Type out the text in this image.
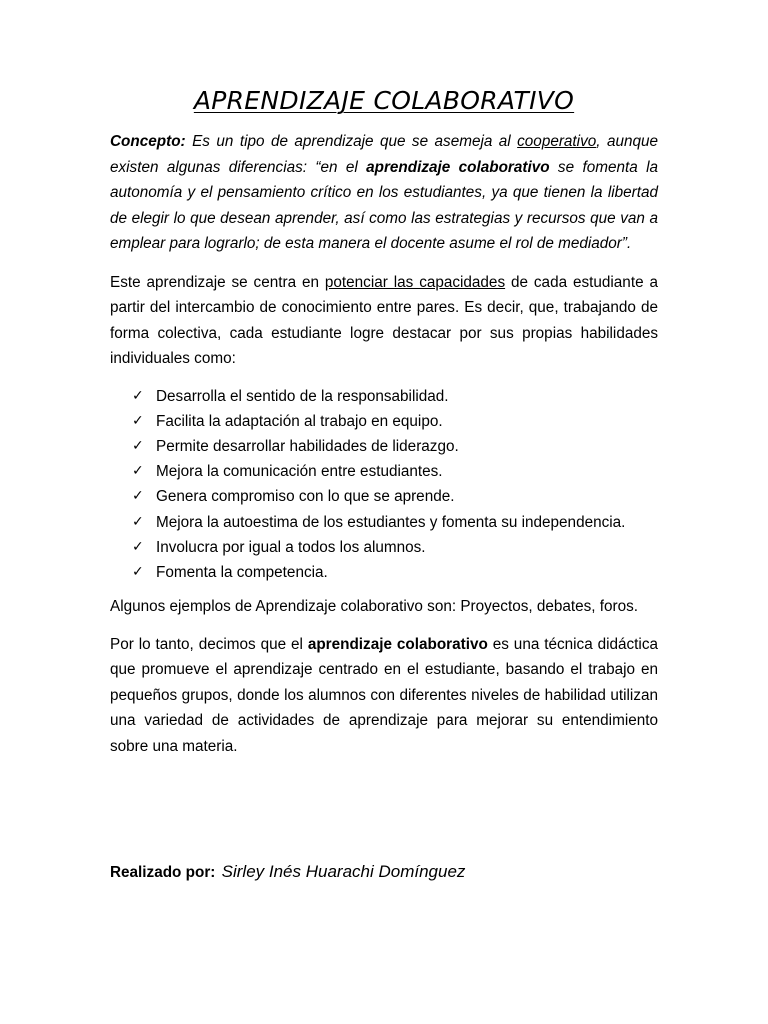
APRENDIZAJE COLABORATIVO

Concepto: Es un tipo de aprendizaje que se asemeja al cooperativo, aunque existen algunas diferencias: “en el aprendizaje colaborativo se fomenta la autonomía y el pensamiento crítico en los estudiantes, ya que tienen la libertad de elegir lo que desean aprender, así como las estrategias y recursos que van a emplear para lograrlo; de esta manera el docente asume el rol de mediador”.

Este aprendizaje se centra en potenciar las capacidades de cada estudiante a partir del intercambio de conocimiento entre pares. Es decir, que, trabajando de forma colectiva, cada estudiante logre destacar por sus propias habilidades individuales como:

✓ Desarrolla el sentido de la responsabilidad.
✓ Facilita la adaptación al trabajo en equipo.
✓ Permite desarrollar habilidades de liderazgo.
✓ Mejora la comunicación entre estudiantes.
✓ Genera compromiso con lo que se aprende.
✓ Mejora la autoestima de los estudiantes y fomenta su independencia.
✓ Involucra por igual a todos los alumnos.
✓ Fomenta la competencia.

Algunos ejemplos de Aprendizaje colaborativo son: Proyectos, debates, foros.

Por lo tanto, decimos que el aprendizaje colaborativo es una técnica didáctica que promueve el aprendizaje centrado en el estudiante, basando el trabajo en pequeños grupos, donde los alumnos con diferentes niveles de habilidad utilizan una variedad de actividades de aprendizaje para mejorar su entendimiento sobre una materia.

Realizado por: Sirley Inés Huarachi Domínguez
